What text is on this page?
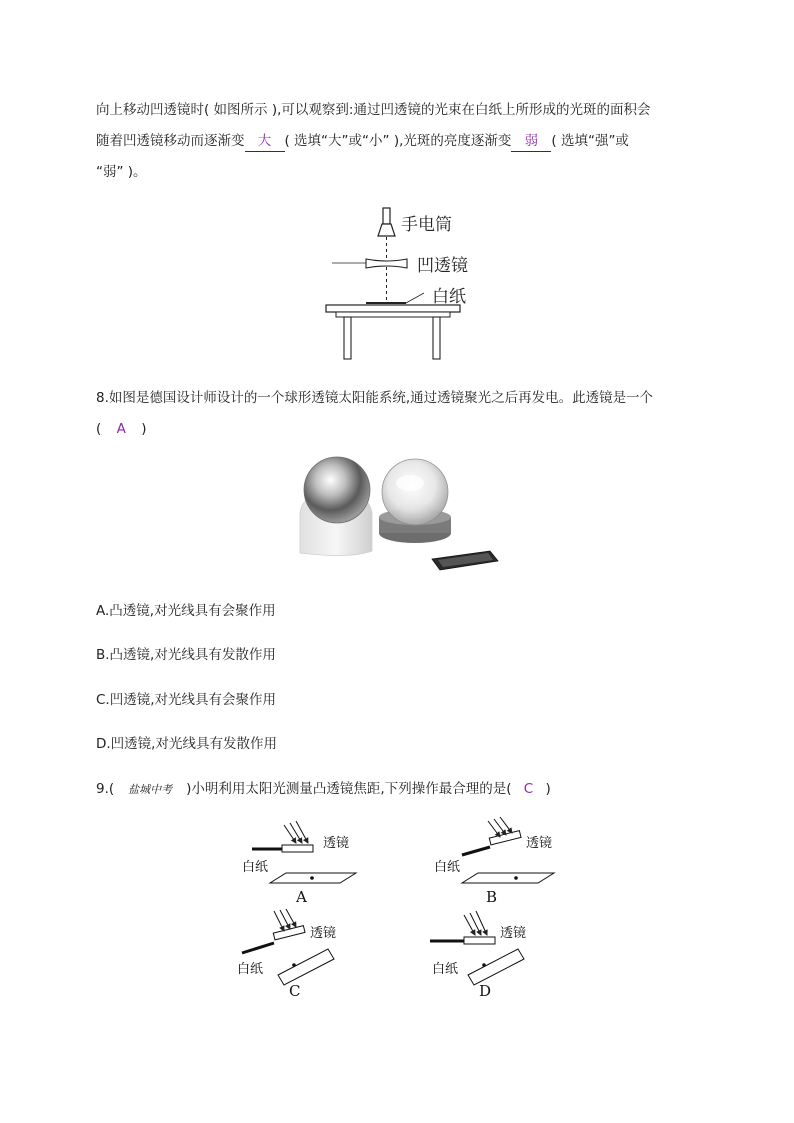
向上移动凹透镜时( 如图所示 ),可以观察到:通过凹透镜的光束在白纸上所形成的光斑的面积会
随着凹透镜移动而逐渐变 大 ( 选填“大”或“小” ),光斑的亮度逐渐变 弱 ( 选填“强”或
“弱” )。
手电筒
凹透镜
白纸
8.如图是德国设计师设计的一个球形透镜太阳能系统,通过透镜聚光之后再发电。此透镜是一个
( A )
A.凸透镜,对光线具有会聚作用
B.凸透镜,对光线具有发散作用
C.凹透镜,对光线具有会聚作用
D.凹透镜,对光线具有发散作用
9.( 盐城中考 )小明利用太阳光测量凸透镜焦距,下列操作最合理的是( C )
透镜
白纸
A
透镜
白纸
B
透镜
白纸
C
透镜
白纸
D
